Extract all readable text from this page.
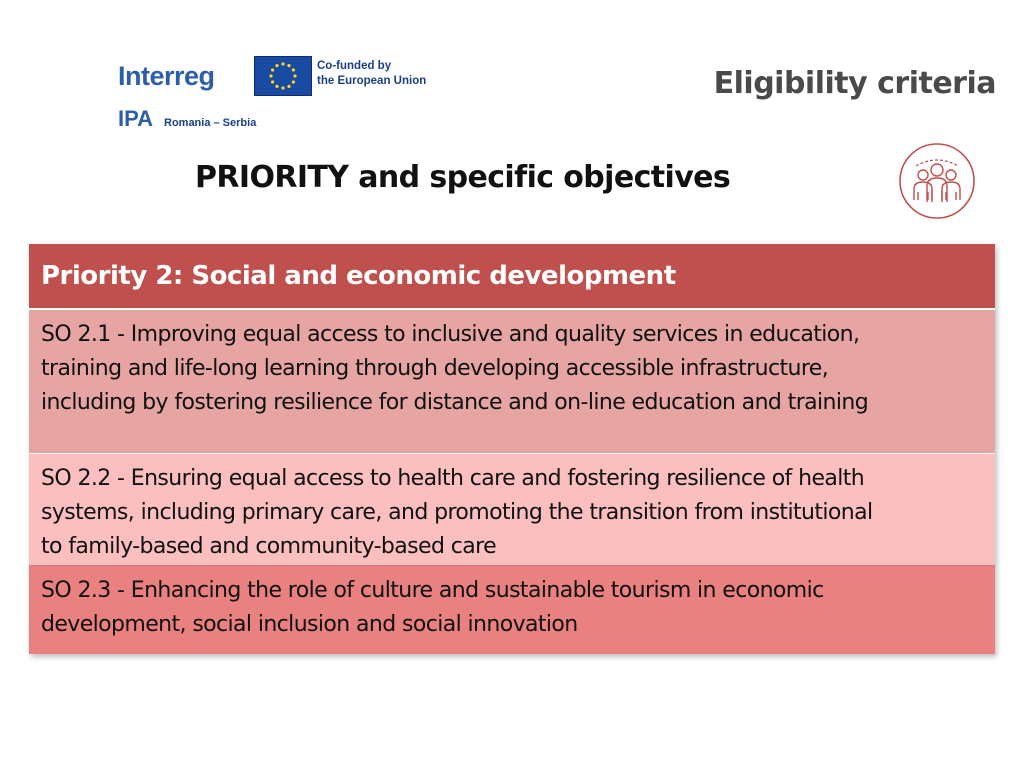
Interreg	Co-funded by
the European Union
IPA Romania – Serbia
Eligibility criteria
PRIORITY and specific objectives
Priority 2: Social and economic development
SO 2.1 - Improving equal access to inclusive and quality services in education,
training and life-long learning through developing accessible infrastructure,
including by fostering resilience for distance and on-line education and training
SO 2.2 - Ensuring equal access to health care and fostering resilience of health
systems, including primary care, and promoting the transition from institutional
to family-based and community-based care
SO 2.3 - Enhancing the role of culture and sustainable tourism in economic
development, social inclusion and social innovation
